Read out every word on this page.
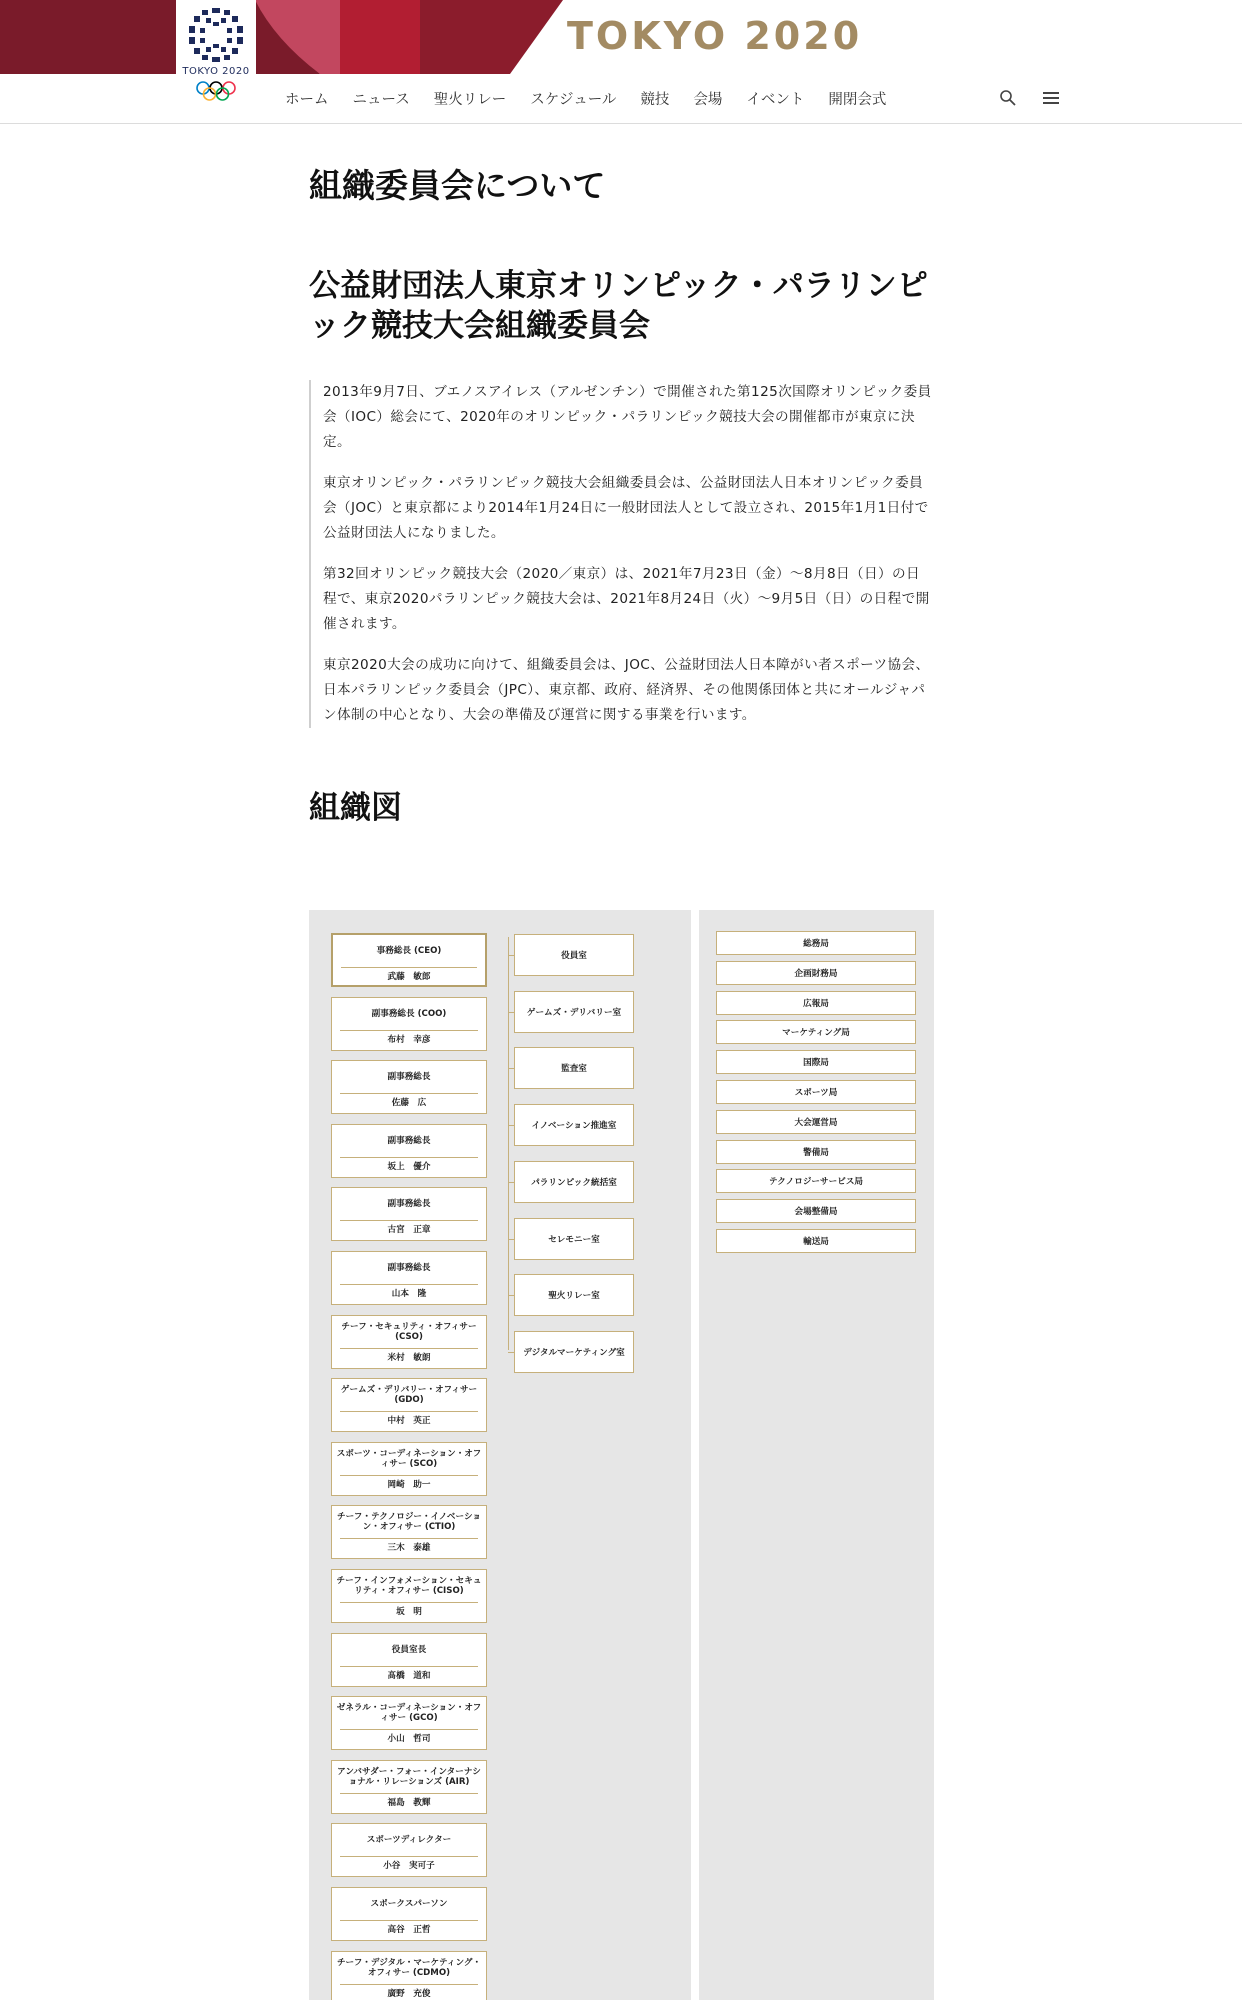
TOKYO 2020
TOKYO 2020
ホーム ニュース 聖火リレー スケジュール 競技 会場 イベント 開閉会式
組織委員会について
公益財団法人東京オリンピック・パラリンピック競技大会組織委員会

2013年9月7日、ブエノスアイレス（アルゼンチン）で開催された第125次国際オリンピック委員会（IOC）総会にて、2020年のオリンピック・パラリンピック競技大会の開催都市が東京に決定。

東京オリンピック・パラリンピック競技大会組織委員会は、公益財団法人日本オリンピック委員会（JOC）と東京都により2014年1月24日に一般財団法人として設立され、2015年1月1日付で公益財団法人になりました。

第32回オリンピック競技大会（2020／東京）は、2021年7月23日（金）〜8月8日（日）の日程で、東京2020パラリンピック競技大会は、2021年8月24日（火）〜9月5日（日）の日程で開催されます。

東京2020大会の成功に向けて、組織委員会は、JOC、公益財団法人日本障がい者スポーツ協会、日本パラリンピック委員会（JPC）、東京都、政府、経済界、その他関係団体と共にオールジャパン体制の中心となり、大会の準備及び運営に関する事業を行います。

組織図
事務総長 (CEO)
武藤　敏郎
副事務総長 (COO)
布村　幸彦
副事務総長
佐藤　広
副事務総長
坂上　優介
副事務総長
古宮　正章
副事務総長
山本　隆
チーフ・セキュリティ・オフィサー (CSO)
米村　敏朗
ゲームズ・デリバリー・オフィサー (GDO)
中村　英正
スポーツ・コーディネーション・オフィサー (SCO)
岡崎　助一
チーフ・テクノロジー・イノベーション・オフィサー (CTIO)
三木　泰雄
チーフ・インフォメーション・セキュリティ・オフィサー (CISO)
坂　明
役員室長
髙橋　道和
ゼネラル・コーディネーション・オフィサー (GCO)
小山　哲司
アンバサダー・フォー・インターナショナル・リレーションズ (AIR)
福島　教輝
スポーツディレクター
小谷　実可子
スポークスパーソン
高谷　正哲
チーフ・デジタル・マーケティング・オフィサー (CDMO)
廣野　充俊
役員室
ゲームズ・デリバリー室
監査室
イノベーション推進室
パラリンピック統括室
セレモニー室
聖火リレー室
デジタルマーケティング室
総務局
企画財務局
広報局
マーケティング局
国際局
スポーツ局
大会運営局
警備局
テクノロジーサービス局
会場整備局
輸送局
